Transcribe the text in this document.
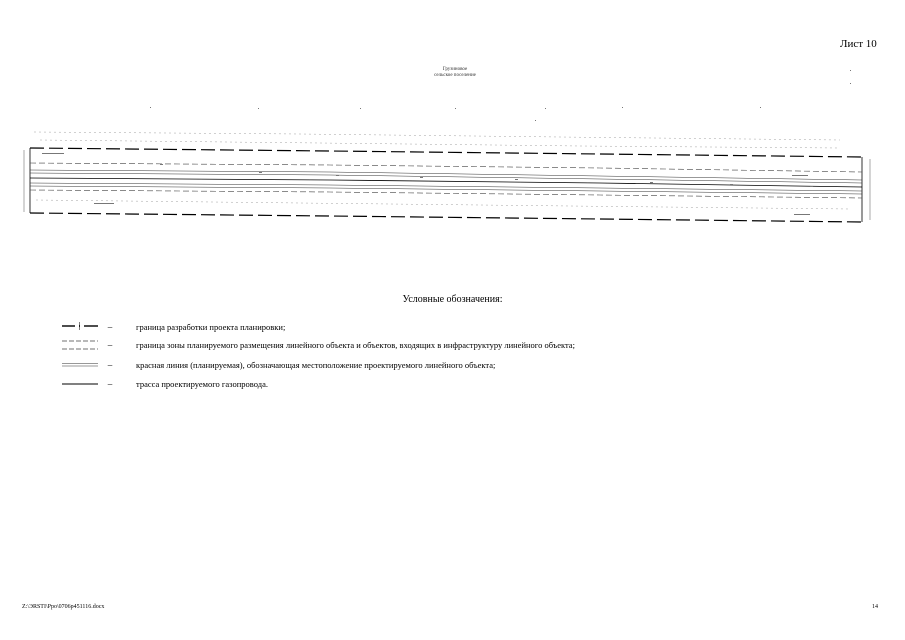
Лист 10
Грузиновое
сельское поселение
Условные обозначения:
–	граница разработки проекта планировки;
–	граница зоны планируемого размещения линейного объекта и объектов, входящих в инфраструктуру линейного объекта;
–	красная линия (планируемая), обозначающая местоположение проектируемого линейного объекта;
–	трасса проектируемого газопровода.
Z:\ЭRSTI\Ppo\0706p451116.docx	14
